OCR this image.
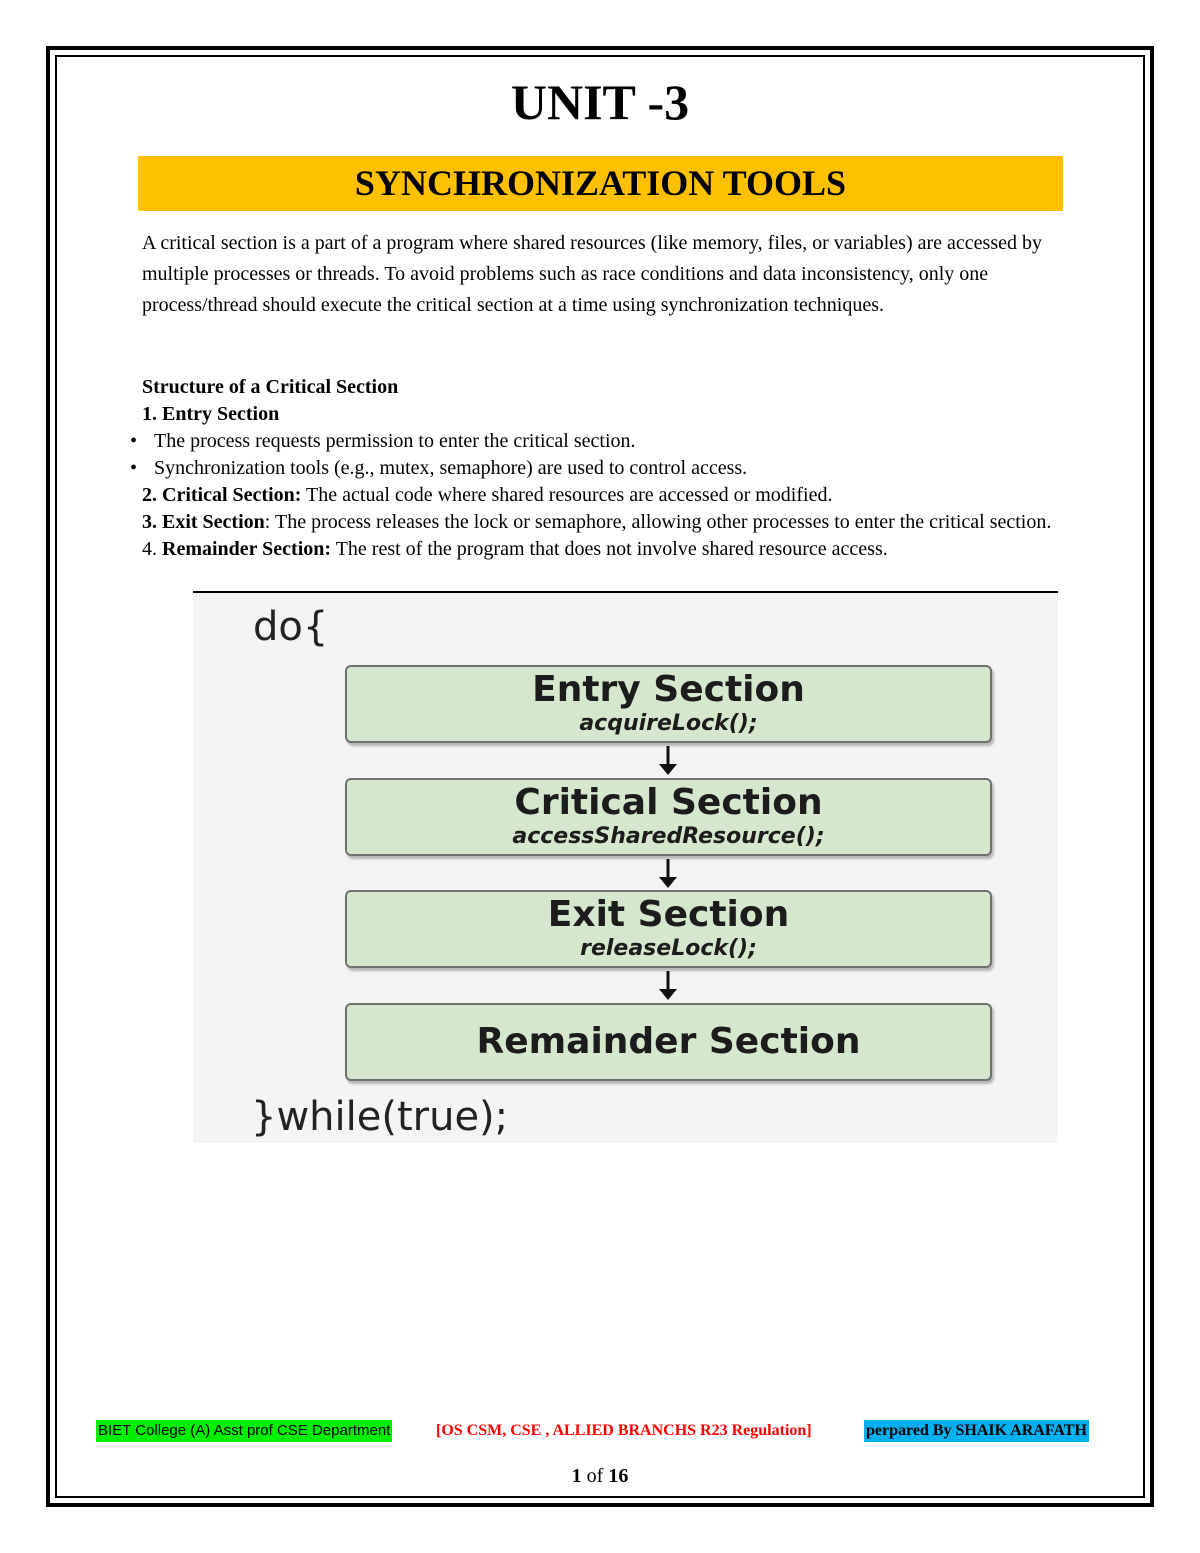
UNIT -3
SYNCHRONIZATION TOOLS

A critical section is a part of a program where shared resources (like memory, files, or variables) are accessed by multiple processes or threads. To avoid problems such as race conditions and data inconsistency, only one process/thread should execute the critical section at a time using synchronization techniques.

Structure of a Critical Section
1. Entry Section
• The process requests permission to enter the critical section.
• Synchronization tools (e.g., mutex, semaphore) are used to control access.
2. Critical Section: The actual code where shared resources are accessed or modified.
3. Exit Section: The process releases the lock or semaphore, allowing other processes to enter the critical section.
4. Remainder Section: The rest of the program that does not involve shared resource access.
do{
Entry Section
acquireLock();
Critical Section
accessSharedResource();
Exit Section
releaseLock();
Remainder Section
}while(true);
BIET College (A) Asst prof CSE Department	[OS CSM, CSE , ALLIED BRANCHS R23 Regulation]	perpared By SHAIK ARAFATH
1 of 16
